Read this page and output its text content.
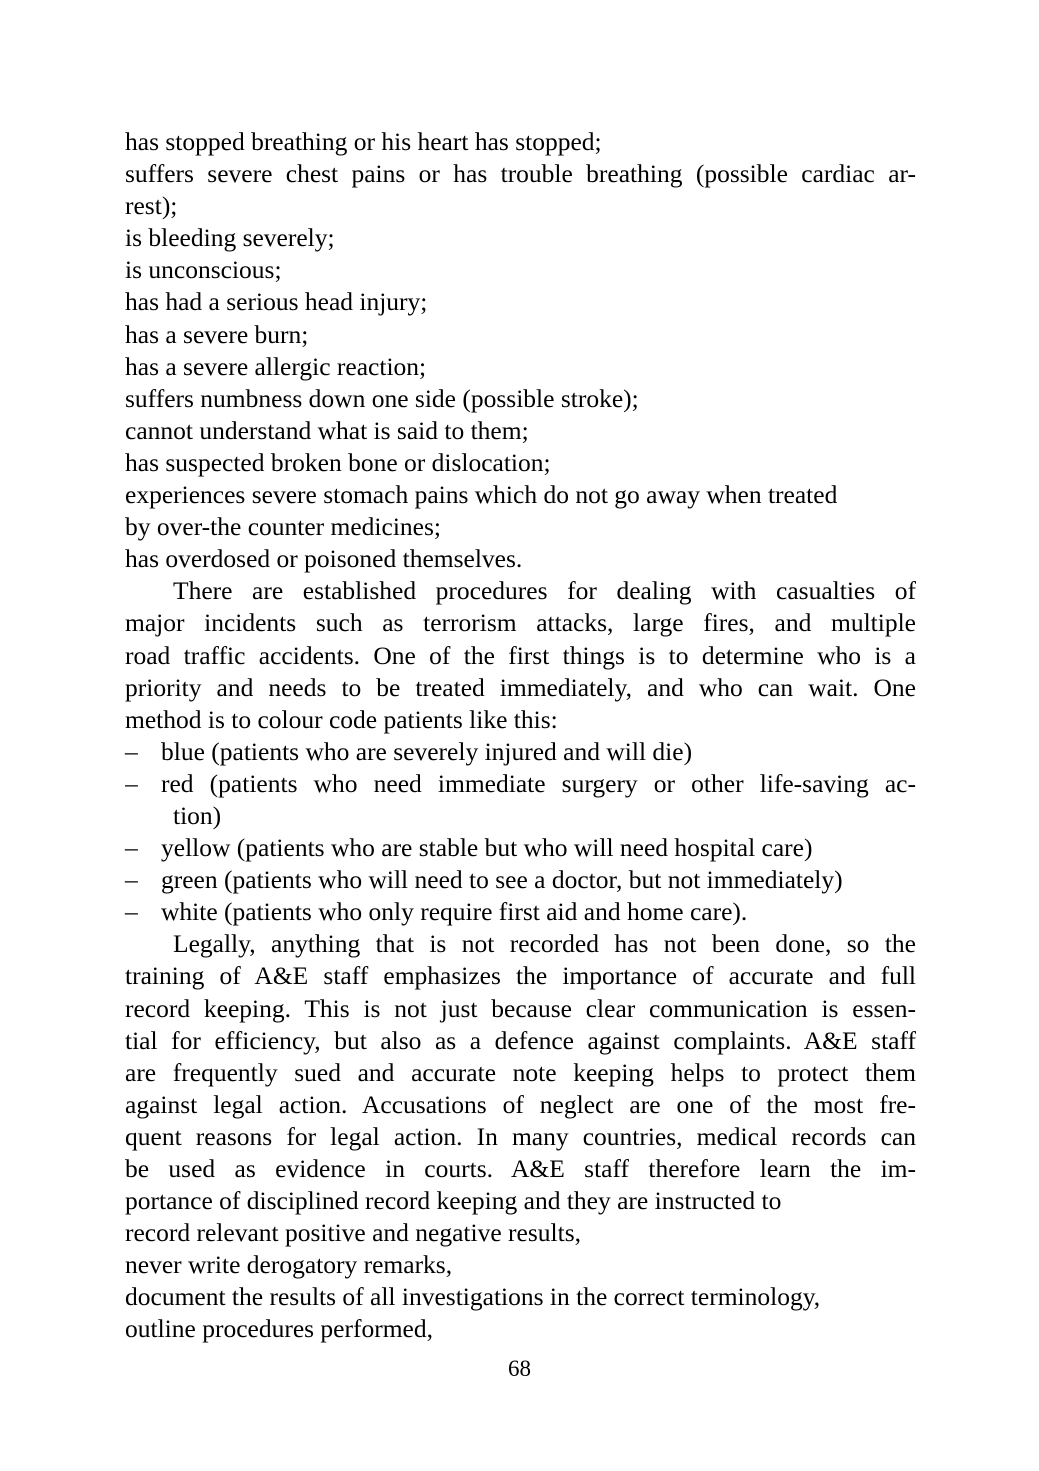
has stopped breathing or his heart has stopped;
suffers severe chest pains or has trouble breathing (possible cardiac ar-
rest);
is bleeding severely;
is unconscious;
has had a serious head injury;
has a severe burn;
has a severe allergic reaction;
suffers numbness down one side (possible stroke);
cannot understand what is said to them;
has suspected broken bone or dislocation;
experiences severe stomach pains which do not go away when treated
by over-the counter medicines;
has overdosed or poisoned themselves.
There are established procedures for dealing with casualties of
major incidents such as terrorism attacks, large fires, and multiple
road traffic accidents. One of the first things is to determine who is a
priority and needs to be treated immediately, and who can wait. One
method is to colour code patients like this:
– blue (patients who are severely injured and will die)
– red (patients who need immediate surgery or other life-saving ac-
tion)
– yellow (patients who are stable but who will need hospital care)
– green (patients who will need to see a doctor, but not immediately)
– white (patients who only require first aid and home care).
Legally, anything that is not recorded has not been done, so the
training of A&E staff emphasizes the importance of accurate and full
record keeping. This is not just because clear communication is essen-
tial for efficiency, but also as a defence against complaints. A&E staff
are frequently sued and accurate note keeping helps to protect them
against legal action. Accusations of neglect are one of the most fre-
quent reasons for legal action. In many countries, medical records can
be used as evidence in courts. A&E staff therefore learn the im-
portance of disciplined record keeping and they are instructed to
record relevant positive and negative results,
never write derogatory remarks,
document the results of all investigations in the correct terminology,
outline procedures performed,
68
